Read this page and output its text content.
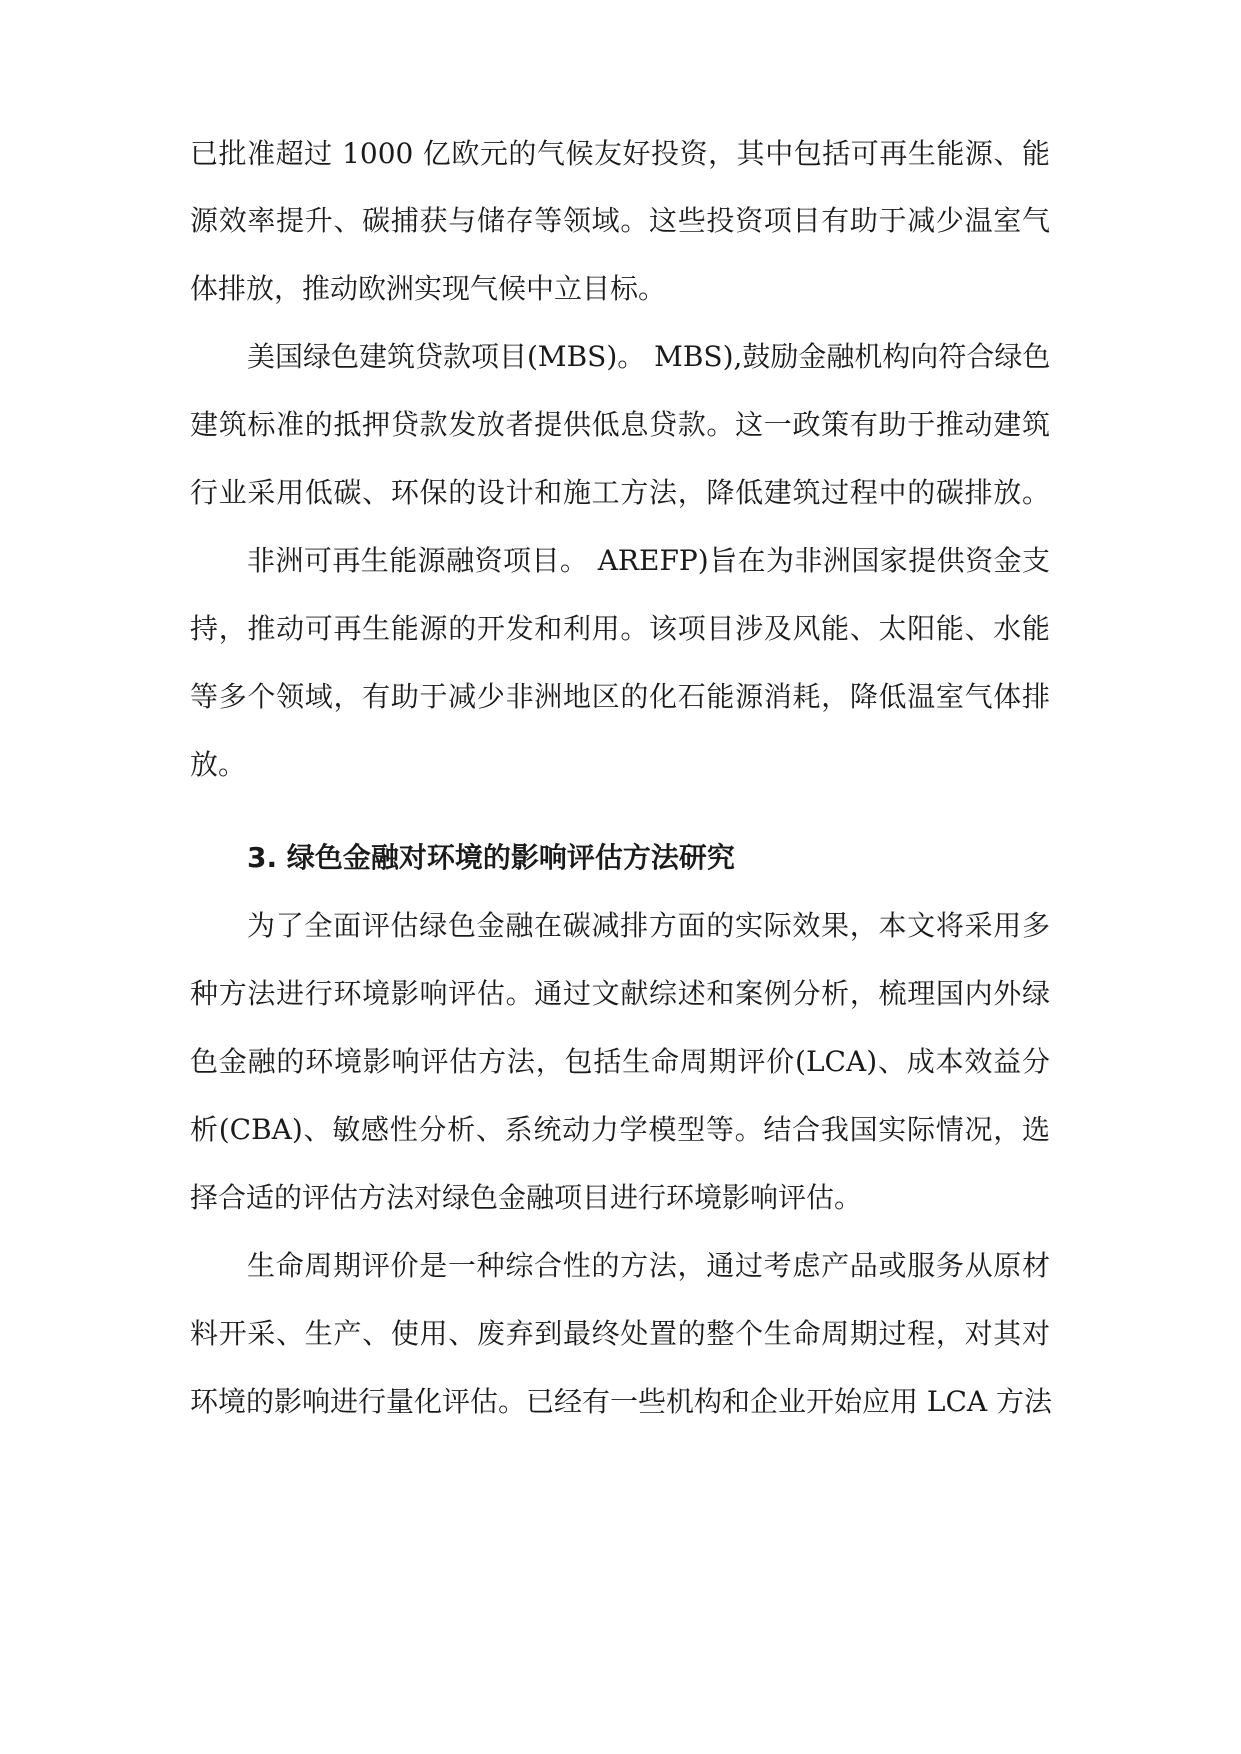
已批准超过 1000 亿欧元的气候友好投资，其中包括可再生能源、能
源效率提升、碳捕获与储存等领域。这些投资项目有助于减少温室气
体排放，推动欧洲实现气候中立目标。
美国绿色建筑贷款项目(MBS)。 MBS),鼓励金融机构向符合绿色
建筑标准的抵押贷款发放者提供低息贷款。这一政策有助于推动建筑
行业采用低碳、环保的设计和施工方法，降低建筑过程中的碳排放。
非洲可再生能源融资项目。 AREFP)旨在为非洲国家提供资金支
持，推动可再生能源的开发和利用。该项目涉及风能、太阳能、水能
等多个领域，有助于减少非洲地区的化石能源消耗，降低温室气体排
放。
3. 绿色金融对环境的影响评估方法研究
为了全面评估绿色金融在碳减排方面的实际效果，本文将采用多
种方法进行环境影响评估。通过文献综述和案例分析，梳理国内外绿
色金融的环境影响评估方法，包括生命周期评价(LCA)、成本效益分
析(CBA)、敏感性分析、系统动力学模型等。结合我国实际情况，选
择合适的评估方法对绿色金融项目进行环境影响评估。
生命周期评价是一种综合性的方法，通过考虑产品或服务从原材
料开采、生产、使用、废弃到最终处置的整个生命周期过程，对其对
环境的影响进行量化评估。已经有一些机构和企业开始应用 LCA 方法
